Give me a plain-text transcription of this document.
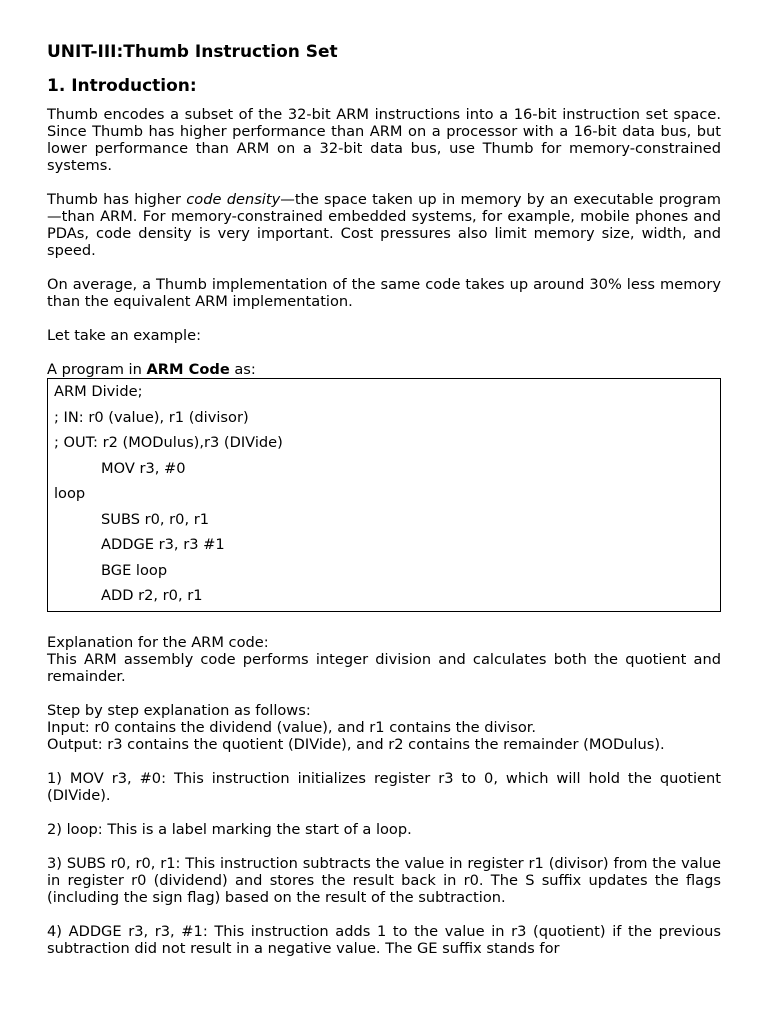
UNIT-III:Thumb Instruction Set
1. Introduction:

Thumb encodes a subset of the 32-bit ARM instructions into a 16-bit instruction set space. Since Thumb has higher performance than ARM on a processor with a 16-bit data bus, but lower performance than ARM on a 32-bit data bus, use Thumb for memory-constrained systems.

Thumb has higher code density—the space taken up in memory by an executable program—than ARM. For memory-constrained embedded systems, for example, mobile phones and PDAs, code density is very important. Cost pressures also limit memory size, width, and speed.

On average, a Thumb implementation of the same code takes up around 30% less memory than the equivalent ARM implementation.

Let take an example:

A program in ARM Code as:

ARM Divide;
; IN: r0 (value), r1 (divisor)
; OUT: r2 (MODulus),r3 (DIVide)
MOV r3, #0
loop
SUBS r0, r0, r1
ADDGE r3, r3 #1
BGE loop
ADD r2, r0, r1

Explanation for the ARM code:

This ARM assembly code performs integer division and calculates both the quotient and remainder.

Step by step explanation as follows:

Input: r0 contains the dividend (value), and r1 contains the divisor.

Output: r3 contains the quotient (DIVide), and r2 contains the remainder (MODulus).

1) MOV r3, #0: This instruction initializes register r3 to 0, which will hold the quotient (DIVide).

2) loop: This is a label marking the start of a loop.

3) SUBS r0, r0, r1: This instruction subtracts the value in register r1 (divisor) from the value in register r0 (dividend) and stores the result back in r0. The S suffix updates the flags (including the sign flag) based on the result of the subtraction.

4) ADDGE r3, r3, #1: This instruction adds 1 to the value in r3 (quotient) if the previous subtraction did not result in a negative value. The GE suffix stands for
